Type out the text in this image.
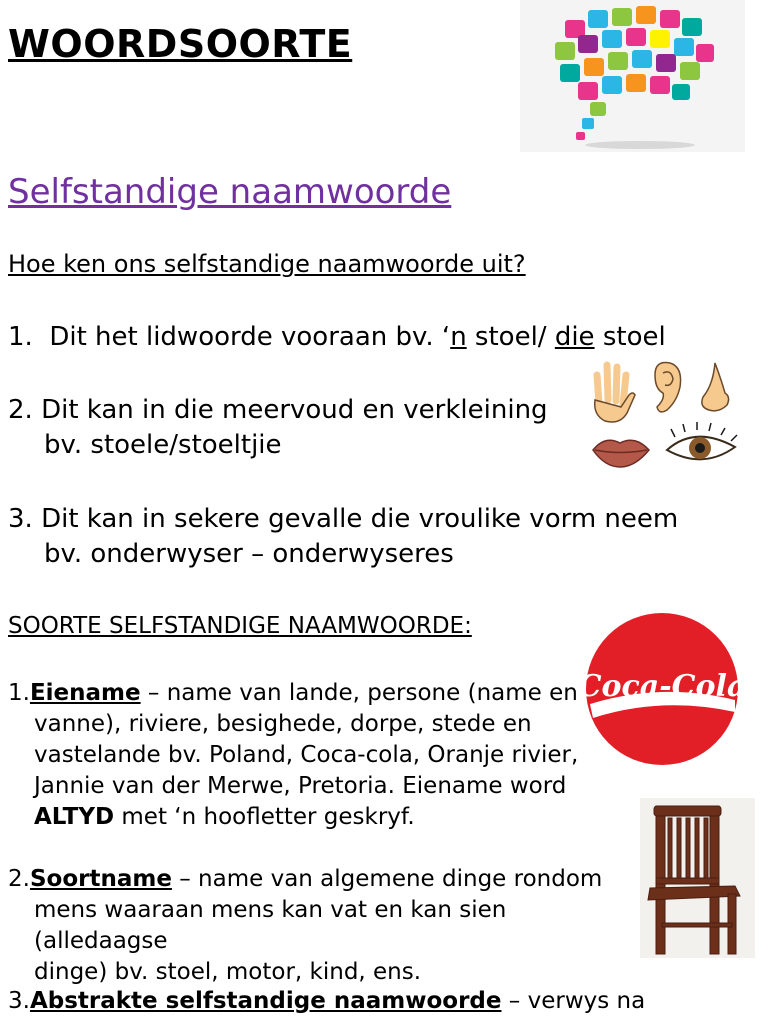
WOORDSOORTE
Selfstandige naamwoorde
Hoe ken ons selfstandige naamwoorde uit?
1. Dit het lidwoorde vooraan bv. ‘n stoel/ die stoel
2. Dit kan in die meervoud en verkleining
bv. stoele/stoeltjie
3. Dit kan in sekere gevalle die vroulike vorm neem
bv. onderwyser – onderwyseres
SOORTE SELFSTANDIGE NAAMWOORDE:
Coca-Cola
1.Eiename – name van lande, persone (name en
vanne), riviere, besighede, dorpe, stede en
vastelande bv. Poland, Coca-cola, Oranje rivier,
Jannie van der Merwe, Pretoria. Eiename word
ALTYD met ‘n hoofletter geskryf.
2.Soortname – name van algemene dinge rondom
mens waaraan mens kan vat en kan sien (alledaagse
dinge) bv. stoel, motor, kind, ens.
3.Abstrakte selfstandige naamwoorde – verwys na
